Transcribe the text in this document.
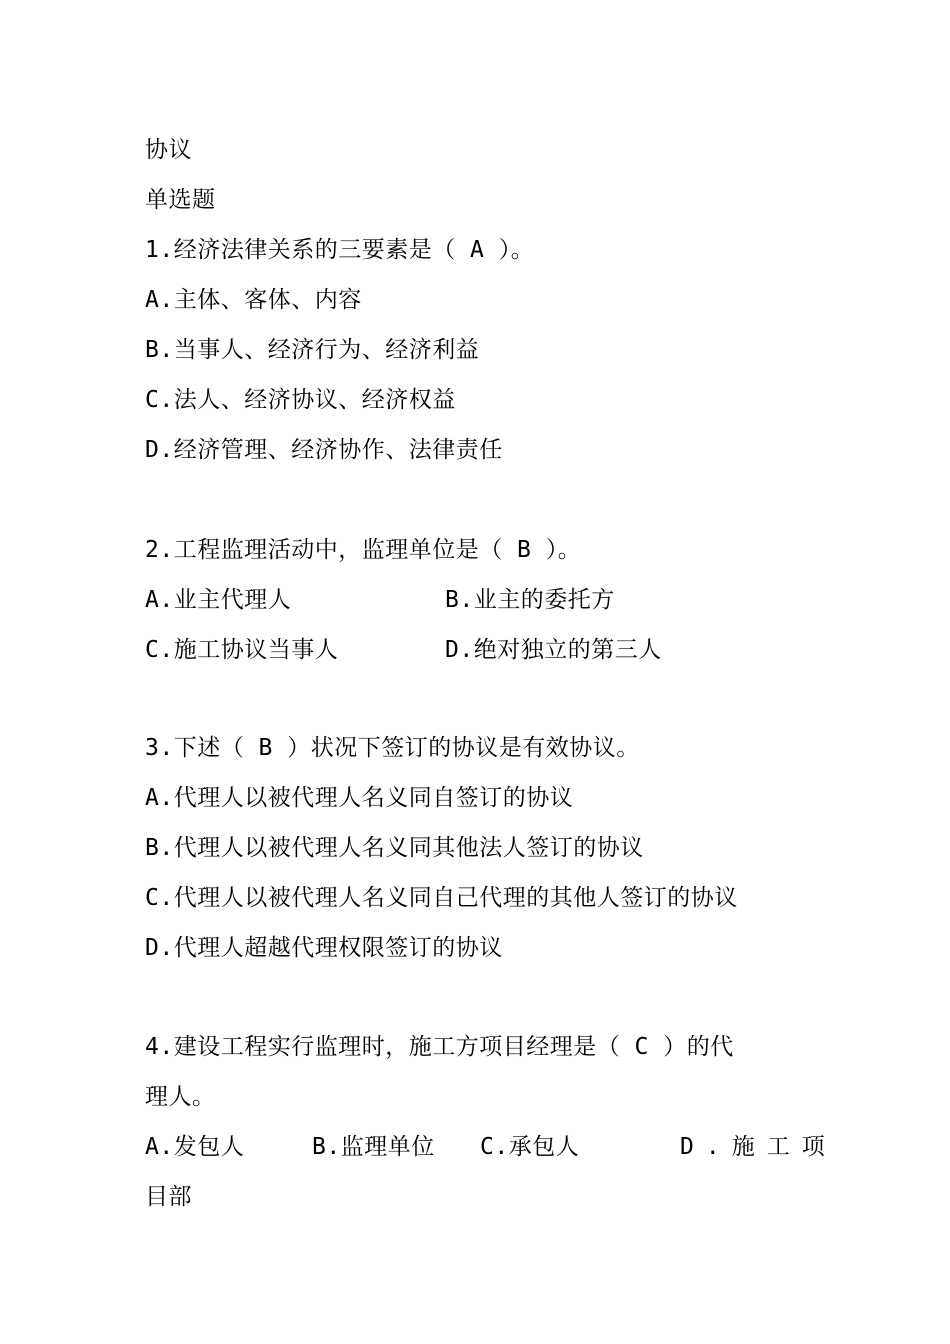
协议
单选题
1.经济法律关系的三要素是（ A ）。
A.主体、客体、内容
B.当事人、经济行为、经济利益
C.法人、经济协议、经济权益
D.经济管理、经济协作、法律责任
2.工程监理活动中，监理单位是（ B ）。
A.业主代理人	B.业主的委托方
C.施工协议当事人	D.绝对独立的第三人
3.下述（ B ）状况下签订的协议是有效协议。
A.代理人以被代理人名义同自签订的协议
B.代理人以被代理人名义同其他法人签订的协议
C.代理人以被代理人名义同自己代理的其他人签订的协议
D.代理人超越代理权限签订的协议
4.建设工程实行监理时，施工方项目经理是（ C ）的代
理人。
A.发包人	B.监理单位 C.承包人	D.施工项
目部
